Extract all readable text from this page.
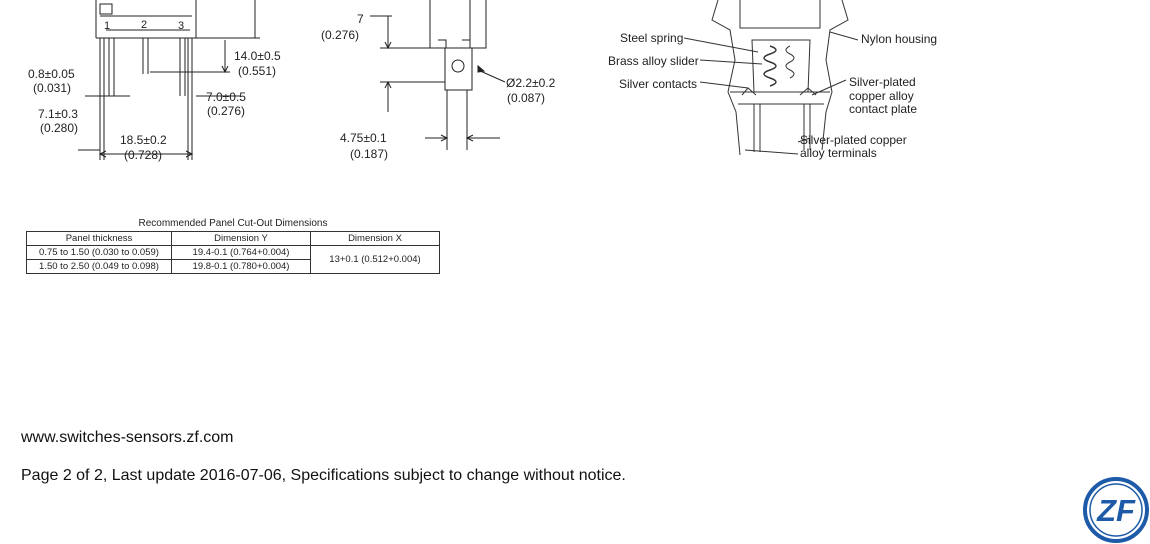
1	2	3
0.8±0.05
(0.031)
7.1±0.3
(0.280)
18.5±0.2
(0.728)
14.0±0.5
(0.551)
7.0±0.5
(0.276)
7
(0.276)
Ø2.2±0.2
(0.087)
4.75±0.1
(0.187)
Steel spring
Brass alloy slider
Silver contacts
Nylon housing
Silver-plated
copper alloy
contact plate
Silver-plated copper
alloy terminals
Recommended Panel Cut-Out Dimensions
Panel thickness	Dimension Y	Dimension X
0.75 to 1.50 (0.030 to 0.059)	19.4-0.1 (0.764+0.004)	13+0.1 (0.512+0.004)
1.50 to 2.50 (0.049 to 0.098)	19.8-0.1 (0.780+0.004)	
www.switches-sensors.zf.com
Page 2 of 2, Last update 2016-07-06, Specifications subject to change without notice.
ZF
